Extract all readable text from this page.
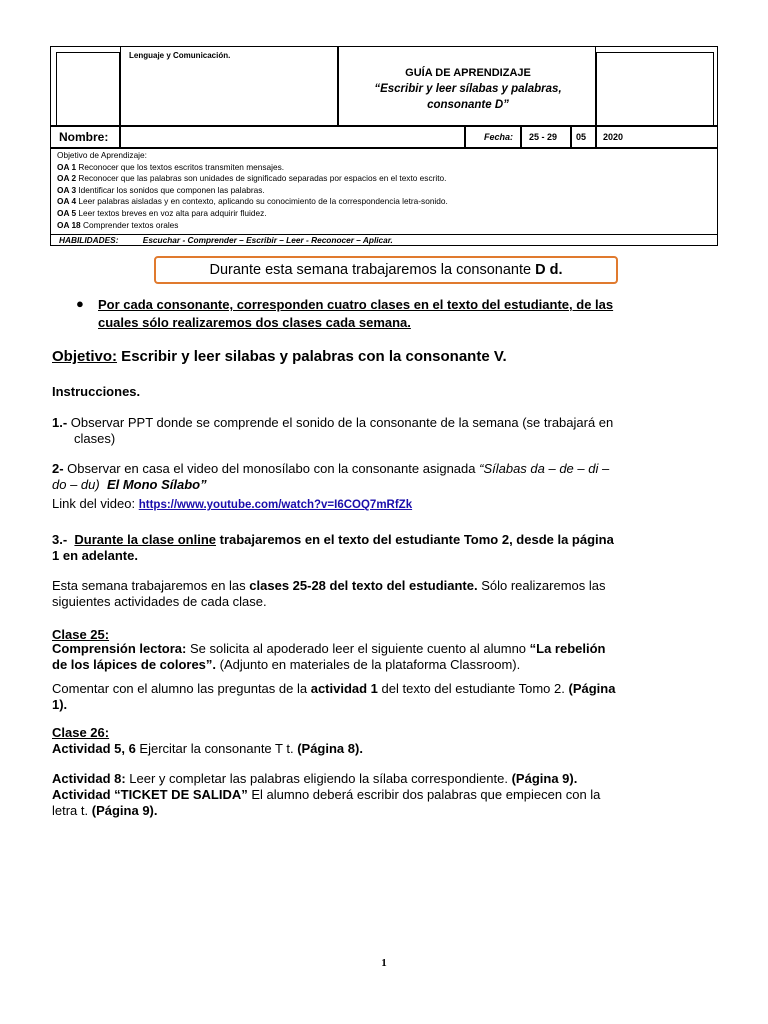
Lenguaje y Comunicación.
GUÍA DE APRENDIZAJE
“Escribir y leer sílabas y palabras,
consonante D”
Nombre:	Fecha: 25 - 29 05 2020
Objetivo de Aprendizaje:
OA 1 Reconocer que los textos escritos transmiten mensajes.
OA 2 Reconocer que las palabras son unidades de significado separadas por espacios en el texto escrito.
OA 3 Identificar los sonidos que componen las palabras.
OA 4 Leer palabras aisladas y en contexto, aplicando su conocimiento de la correspondencia letra-sonido.
OA 5 Leer textos breves en voz alta para adquirir fluidez.
OA 18 Comprender textos orales
HABILIDADES:	Escuchar - Comprender – Escribir – Leer - Reconocer – Aplicar.
Durante esta semana trabajaremos la consonante D d.
● Por cada consonante, corresponden cuatro clases en el texto del estudiante, de las
cuales sólo realizaremos dos clases cada semana.
Objetivo: Escribir y leer silabas y palabras con la consonante V.
Instrucciones.
1.- Observar PPT donde se comprende el sonido de la consonante de la semana (se trabajará en
clases)
2- Observar en casa el video del monosílabo con la consonante asignada “Sílabas da – de – di –
do – du) El Mono Sílabo”
Link del video: https://www.youtube.com/watch?v=I6COQ7mRfZk
3.- Durante la clase online trabajaremos en el texto del estudiante Tomo 2, desde la página
1 en adelante.
Esta semana trabajaremos en las clases 25-28 del texto del estudiante. Sólo realizaremos las
siguientes actividades de cada clase.
Clase 25:
Comprensión lectora: Se solicita al apoderado leer el siguiente cuento al alumno “La rebelión
de los lápices de colores”. (Adjunto en materiales de la plataforma Classroom).
Comentar con el alumno las preguntas de la actividad 1 del texto del estudiante Tomo 2. (Página
1).
Clase 26:
Actividad 5, 6 Ejercitar la consonante T t. (Página 8).
Actividad 8: Leer y completar las palabras eligiendo la sílaba correspondiente. (Página 9).
Actividad “TICKET DE SALIDA” El alumno deberá escribir dos palabras que empiecen con la
letra t. (Página 9).
1
